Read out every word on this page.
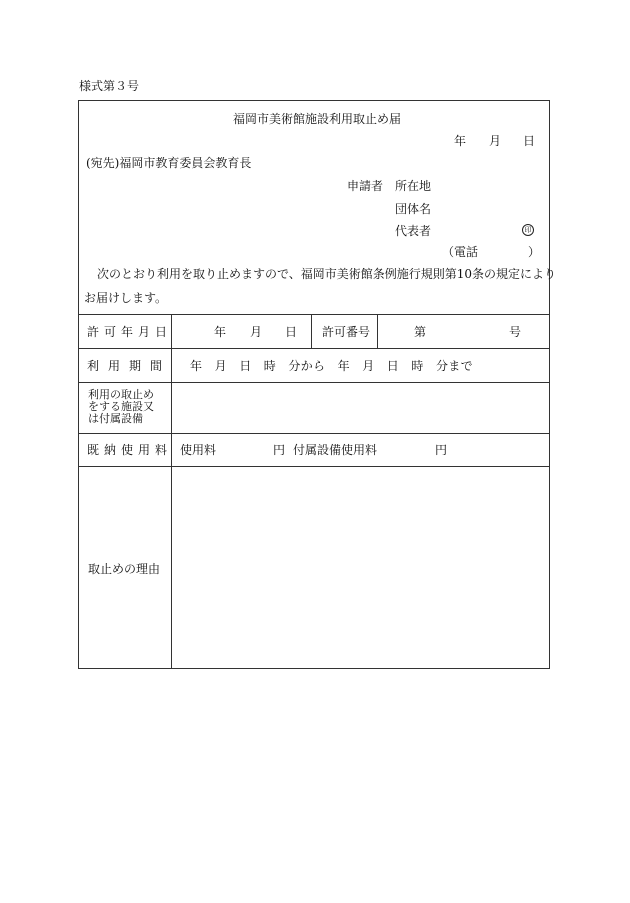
様式第３号
福岡市美術館施設利用取止め届
年 月 日
(宛先)福岡市教育委員会教育長
申請者 所在地
団体名
代表者	印
（電話	）
次のとおり利用を取り止めますので、福岡市美術館条例施行規則第10条の規定により
お届けします。
許可年月日	年 月 日 許可番号	第	号
利用期間 年　月　日　時　分から　年　月　日　時　分まで
利用の取止め
をする施設又
は付属設備
既納使用料 使用料	円 付属設備使用料	円
取止めの理由
